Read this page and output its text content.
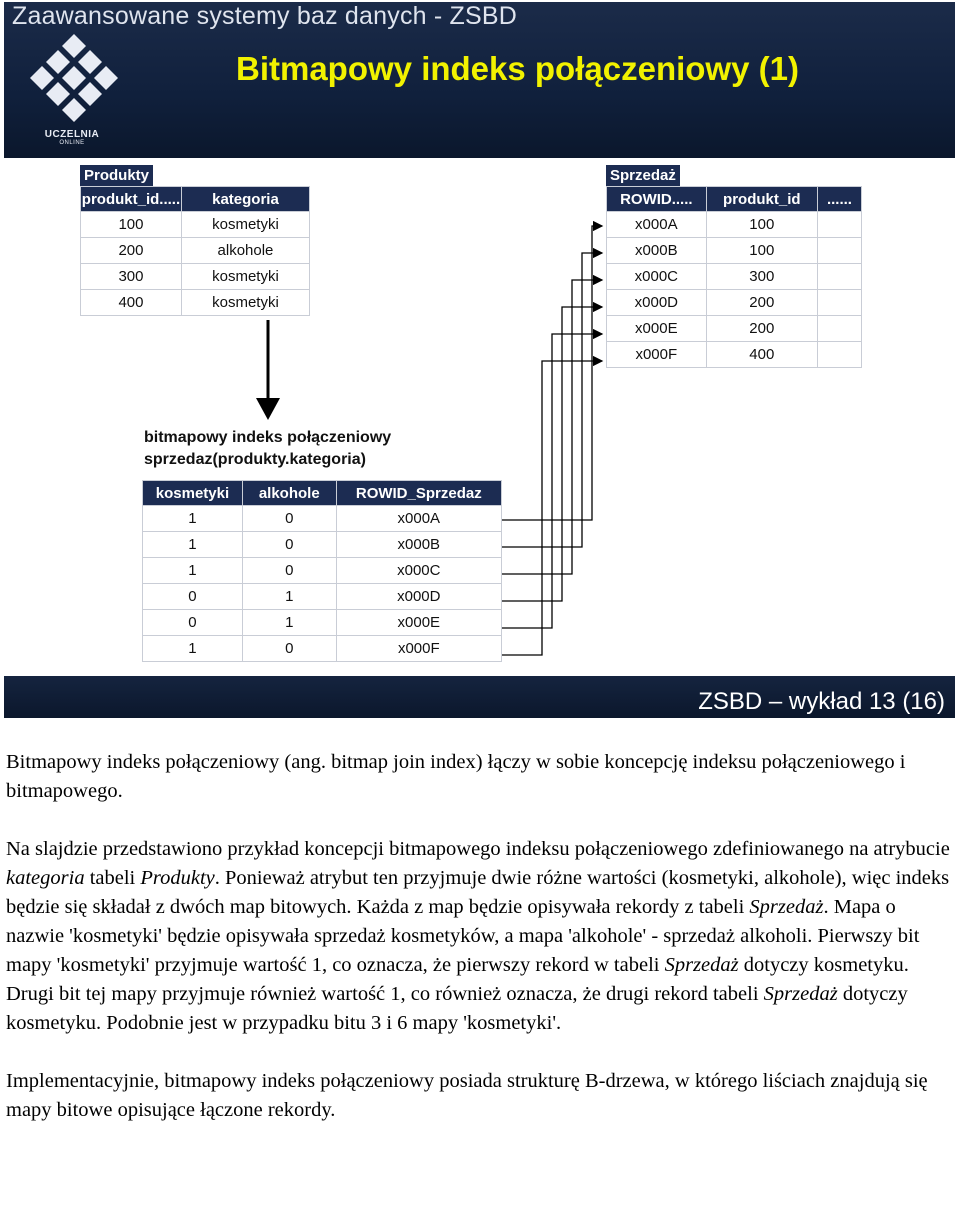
Zaawansowane systemy baz danych - ZSBD
UCZELNIA
ONLINE
Bitmapowy indeks połączeniowy (1)
Produkty
produkt_id.....	kategoria
100	kosmetyki
200	alkohole
300	kosmetyki
400	kosmetyki
Sprzedaż
ROWID.....	produkt_id	......
x000A	100	
x000B	100	
x000C	300	
x000D	200	
x000E	200	
x000F	400	
bitmapowy indeks połączeniowy
sprzedaz(produkty.kategoria)
kosmetyki	alkohole	ROWID_Sprzedaz
1	0	x000A
1	0	x000B
1	0	x000C
0	1	x000D
0	1	x000E
1	0	x000F
ZSBD – wykład 13 (16)

Bitmapowy indeks połączeniowy (ang. bitmap join index) łączy w sobie koncepcję indeksu połączeniowego i bitmapowego.

Na slajdzie przedstawiono przykład koncepcji bitmapowego indeksu połączeniowego zdefiniowanego na atrybucie kategoria tabeli Produkty. Ponieważ atrybut ten przyjmuje dwie różne wartości (kosmetyki, alkohole), więc indeks będzie się składał z dwóch map bitowych. Każda z map będzie opisywała rekordy z tabeli Sprzedaż. Mapa o nazwie 'kosmetyki' będzie opisywała sprzedaż kosmetyków, a mapa 'alkohole' - sprzedaż alkoholi. Pierwszy bit mapy 'kosmetyki' przyjmuje wartość 1, co oznacza, że pierwszy rekord w tabeli Sprzedaż dotyczy kosmetyku. Drugi bit tej mapy przyjmuje również wartość 1, co również oznacza, że drugi rekord tabeli Sprzedaż dotyczy kosmetyku. Podobnie jest w przypadku bitu 3 i 6 mapy 'kosmetyki'.

Implementacyjnie, bitmapowy indeks połączeniowy posiada strukturę B-drzewa, w którego liściach znajdują się mapy bitowe opisujące łączone rekordy.
